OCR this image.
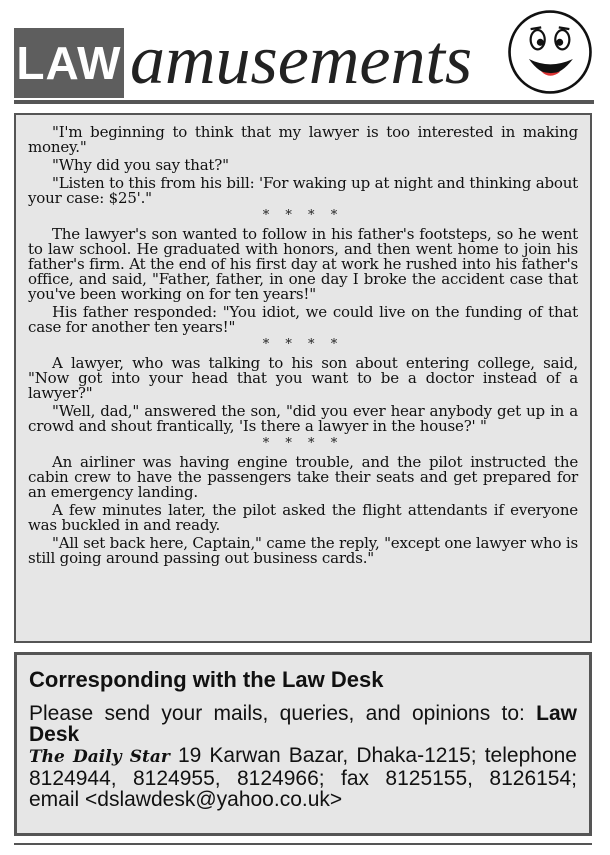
LAW amusements

"I'm beginning to think that my lawyer is too interested in making money."

"Why did you say that?"

"Listen to this from his bill: 'For waking up at night and thinking about your case: $25'."

* * * *

The lawyer's son wanted to follow in his father's footsteps, so he went to law school. He graduated with honors, and then went home to join his father's firm. At the end of his first day at work he rushed into his father's office, and said, "Father, father, in one day I broke the accident case that you've been working on for ten years!"

His father responded: "You idiot, we could live on the funding of that case for another ten years!"

* * * *

A lawyer, who was talking to his son about entering college, said, "Now got into your head that you want to be a doctor instead of a lawyer?"

"Well, dad," answered the son, "did you ever hear anybody get up in a crowd and shout frantically, 'Is there a lawyer in the house?' "

* * * *

An airliner was having engine trouble, and the pilot instructed the cabin crew to have the passengers take their seats and get prepared for an emergency landing.

A few minutes later, the pilot asked the flight attendants if everyone was buckled in and ready.

"All set back here, Captain," came the reply, "except one lawyer who is still going around passing out business cards."

Corresponding with the Law Desk
Please send your mails, queries, and opinions to: Law Desk
The Daily Star 19 Karwan Bazar, Dhaka-1215; telephone 8124944, 8124955, 8124966; fax 8125155, 8126154; email <dslawdesk@yahoo.co.uk>
